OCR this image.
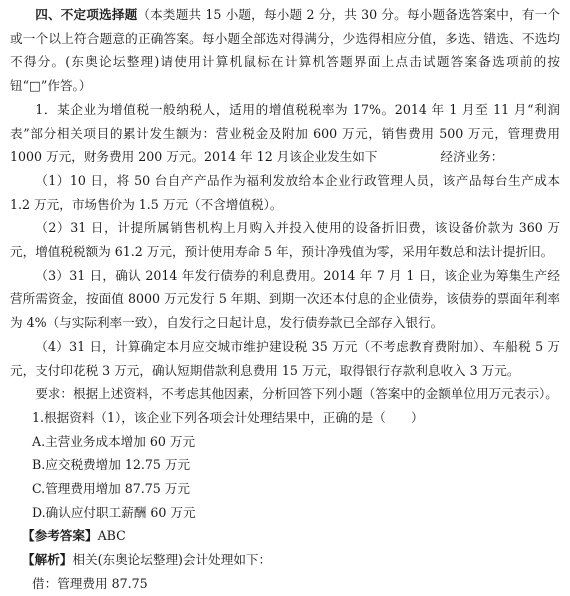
四、不定项选择题（本类题共 15 小题，每小题 2 分，共 30 分。每小题备选答案中，有一个或一个以上符合题意的正确答案。每小题全部选对得满分，少选得相应分值，多选、错选、不选均不得分。(东奥论坛整理)请使用计算机鼠标在计算机答题界面上点击试题答案备选项前的按钮“□”作答。）

1．某企业为增值税一般纳税人，适用的增值税税率为 17%。2014 年 1 月至 11 月“利润表”部分相关项目的累计发生额为：营业税金及附加 600 万元，销售费用 500 万元，管理费用 1000 万元，财务费用 200 万元。2014 年 12 月该企业发生如下　　　　　经济业务：

（1）10 日，将 50 台自产产品作为福利发放给本企业行政管理人员，该产品每台生产成本 1.2 万元，市场售价为 1.5 万元（不含增值税）。

（2）31 日，计提所属销售机构上月购入并投入使用的设备折旧费，该设备价款为 360 万元，增值税税额为 61.2 万元，预计使用寿命 5 年，预计净残值为零，采用年数总和法计提折旧。

（3）31 日，确认 2014 年发行债券的利息费用。2014 年 7 月 1 日，该企业为筹集生产经营所需资金，按面值 8000 万元发行 5 年期、到期一次还本付息的企业债券，该债券的票面年利率为 4%（与实际利率一致），自发行之日起计息，发行债券款已全部存入银行。

（4）31 日，计算确定本月应交城市维护建设税 35 万元（不考虑教育费附加）、车船税 5 万元，支付印花税 3 万元，确认短期借款利息费用 15 万元，取得银行存款利息收入 3 万元。

要求：根据上述资料，不考虑其他因素，分析回答下列小题（答案中的金额单位用万元表示）。

1.根据资料（1），该企业下列各项会计处理结果中，正确的是（　　）

A.主营业务成本增加 60 万元

B.应交税费增加 12.75 万元

C.管理费用增加 87.75 万元

D.确认应付职工薪酬 60 万元

【参考答案】ABC

【解析】相关(东奥论坛整理)会计处理如下：

借：管理费用 87.75
